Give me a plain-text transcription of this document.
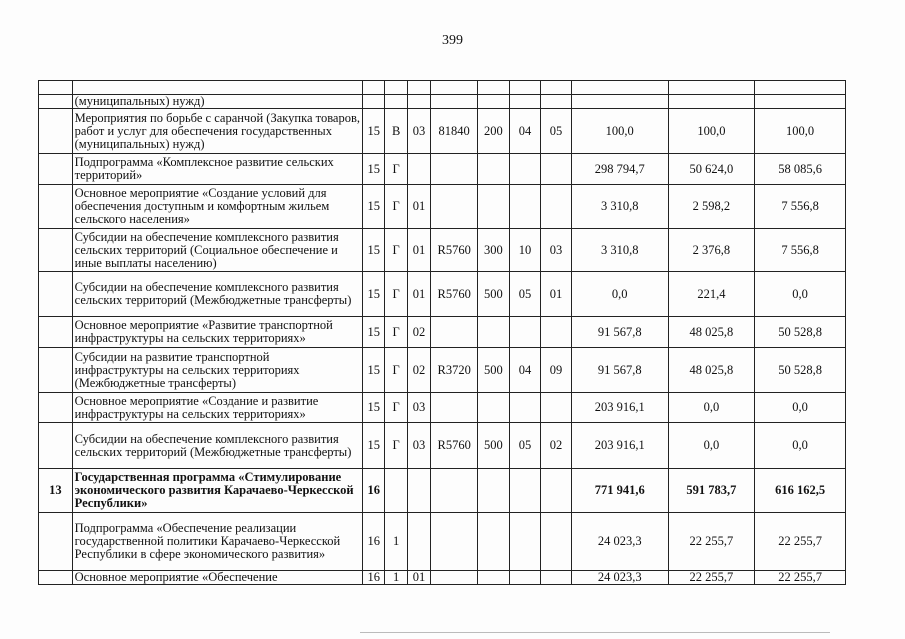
399

	(муниципальных) нужд)										
	Мероприятия по борьбе с саранчой (Закупка товаров, работ и услуг для обеспечения государственных (муниципальных) нужд)	15	В	03	81840	200	04	05	100,0	100,0	100,0
	Подпрограмма «Комплексное развитие сельских территорий»	15	Г						298 794,7	50 624,0	58 085,6
	Основное мероприятие «Создание условий для обеспечения доступным и комфортным жильем сельского населения»	15	Г	01					3 310,8	2 598,2	7 556,8
	Субсидии на обеспечение комплексного развития сельских территорий (Социальное обеспечение и иные выплаты населению)	15	Г	01	R5760	300	10	03	3 310,8	2 376,8	7 556,8
	Субсидии на обеспечение комплексного развития сельских территорий (Межбюджетные трансферты)	15	Г	01	R5760	500	05	01	0,0	221,4	0,0
	Основное мероприятие «Развитие транспортной инфраструктуры на сельских территориях»	15	Г	02					91 567,8	48 025,8	50 528,8
	Субсидии на развитие транспортной инфраструктуры на сельских территориях (Межбюджетные трансферты)	15	Г	02	R3720	500	04	09	91 567,8	48 025,8	50 528,8
	Основное мероприятие «Создание и развитие инфраструктуры на сельских территориях»	15	Г	03					203 916,1	0,0	0,0
	Субсидии на обеспечение комплексного развития сельских территорий (Межбюджетные трансферты)	15	Г	03	R5760	500	05	02	203 916,1	0,0	0,0
13	Государственная программа «Стимулирование экономического развития Карачаево-Черкесской Республики»	16							771 941,6	591 783,7	616 162,5
	Подпрограмма «Обеспечение реализации государственной политики Карачаево-Черкесской Республики в сфере экономического развития»	16	1						24 023,3	22 255,7	22 255,7
	Основное мероприятие «Обеспечение	16	1	01					24 023,3	22 255,7	22 255,7
